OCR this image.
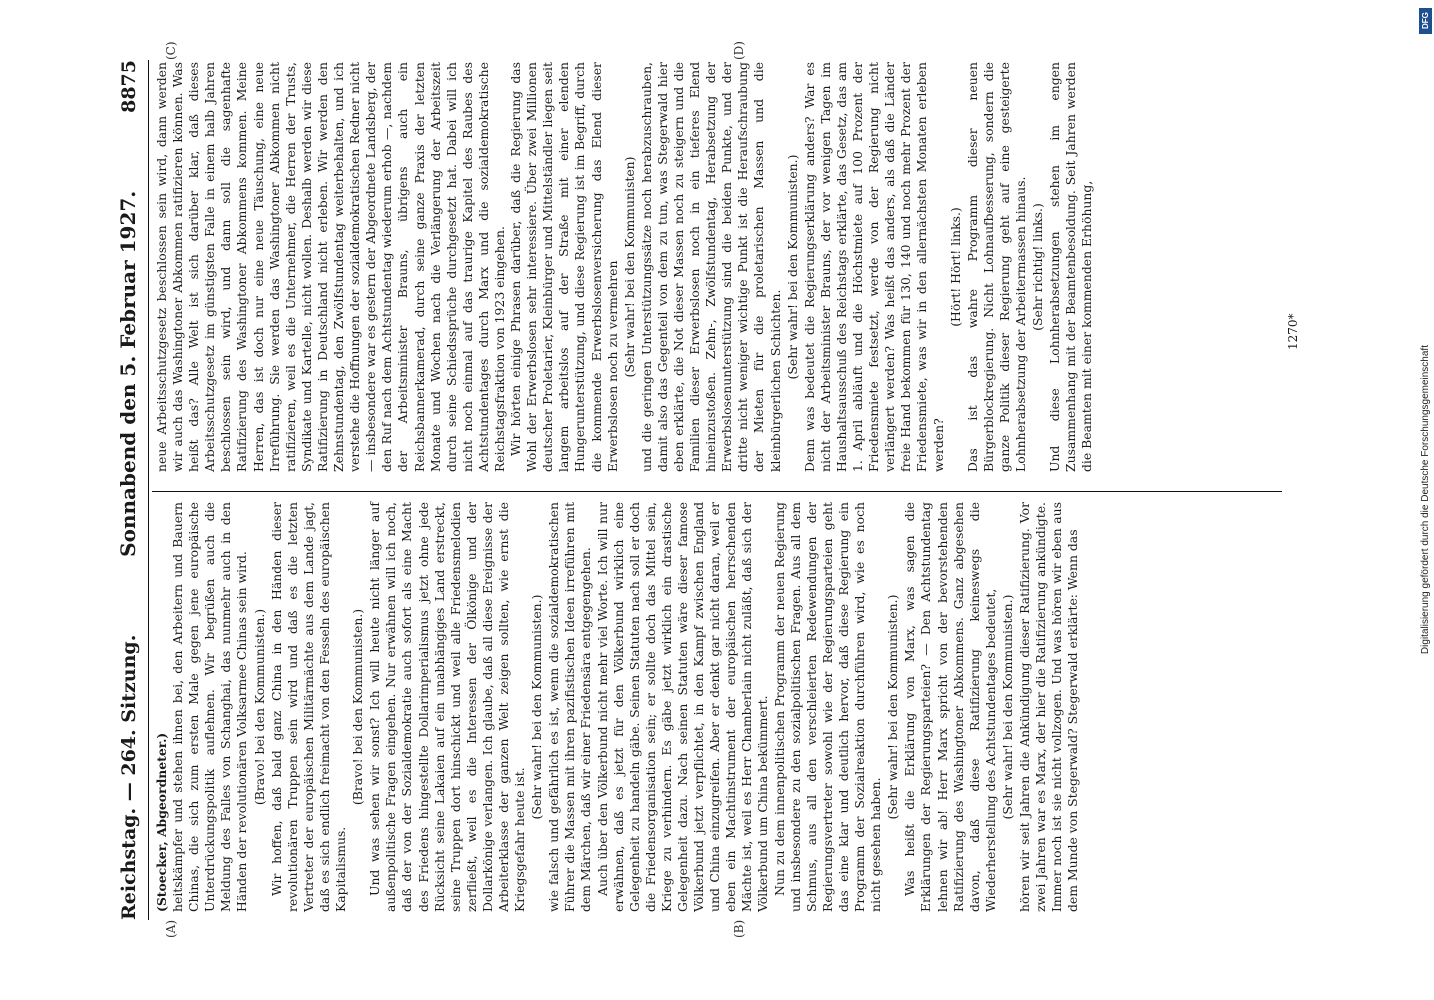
Reichstag. — 264. Sitzung.
Sonnabend den 5. Februar 1927.
8875
(A)	(B)
(C)	(D)

(Stoecker, Abgeordneter.) heitskämpfer und stehen ihnen bei, den Arbeitern und Bauern Chinas, die sich zum ersten Male gegen jene europäische Unterdrückungspolitik auflehnen. Wir begrüßen auch die Meldung des Falles von Schanghai, das nunmehr auch in den Händen der revolutionären Volksarmee Chinas sein wird. (Bravo! bei den Kommunisten.) Wir hoffen, daß bald ganz China in den Händen dieser revolutionären Truppen sein wird und daß es die letzten Vertreter der europäischen Militärmächte aus dem Lande jagt, daß es sich endlich freimacht von den Fesseln des europäischen Kapitalismus.

(Bravo! bei den Kommunisten.) Und was sehen wir sonst? Ich will heute nicht länger auf außenpolitische Fragen eingehen. Nur erwähnen will ich noch, daß der von der Sozialdemokratie auch sofort als eine Macht des Friedens hingestellte Dollarimperialismus jetzt ohne jede Rücksicht seine Lakaien auf ein unabhängiges Land erstreckt, seine Truppen dort hinschickt und weil alle Friedensmelodien zerfließt, weil es die Interessen der Ölkönige und der Dollarkönige verlangen. Ich glaube, daß all diese Ereignisse der Arbeiterklasse der ganzen Welt zeigen sollten, wie ernst die Kriegsgefahr heute ist.

(Sehr wahr! bei den Kommunisten.) wie falsch und gefährlich es ist, wenn die sozialdemokratischen Führer die Massen mit ihren pazifistischen Ideen irreführen mit dem Märchen, daß wir einer Friedensära entgegengehen. Auch über den Völkerbund nicht mehr viel Worte. Ich will nur erwähnen, daß es jetzt für den Völkerbund wirklich eine Gelegenheit zu handeln gäbe. Seinen Statuten nach soll er doch die Friedensorganisation sein; er sollte doch das Mittel sein, Kriege zu verhindern. Es gäbe jetzt wirklich ein drastische Gelegenheit dazu. Nach seinen Statuten wäre dieser famose Völkerbund jetzt verpflichtet, in den Kampf zwischen England und China einzugreifen. Aber er denkt gar nicht daran, weil er eben ein Machtinstrument der europäischen herrschenden Mächte ist, weil es Herr Chamberlain nicht zuläßt, daß sich der Völkerbund um China bekümmert. Nun zu dem innenpolitischen Programm der neuen Regierung und insbesondere zu den sozialpolitischen Fragen. Aus all dem Schmus, aus all den verschleierten Redewendungen der Regierungsvertreter sowohl wie der Regierungsparteien geht das eine klar und deutlich hervor, daß diese Regierung ein Programm der Sozialreaktion durchführen wird, wie es noch nicht gesehen haben.

(Sehr wahr! bei den Kommunisten.) Was heißt die Erklärung von Marx, was sagen die Erklärungen der Regierungsparteien? — Den Achtstundentag lehnen wir ab! Herr Marx spricht von der bevorstehenden Ratifizierung des Washingtoner Abkommens. Ganz abgesehen davon, daß diese Ratifizierung keineswegs die Wiederherstellung des Achtstundentages bedeutet, (Sehr wahr! bei den Kommunisten.) hören wir seit Jahren die Ankündigung dieser Ratifizierung. Vor zwei Jahren war es Marx, der hier die Ratifizierung ankündigte. Immer noch ist sie nicht vollzogen. Und was hören wir eben aus dem Munde von Stegerwald? Stegerwald erklärte: Wenn das

neue Arbeitsschutzgesetz beschlossen sein wird, dann werden wir auch das Washingtoner Abkommen ratifizieren können. Was heißt das? Alle Welt ist sich darüber klar, daß dieses Arbeitsschutzgesetz im günstigsten Falle in einem halb Jahren beschlossen sein wird, und dann soll die sagenhafte Ratifizierung des Washingtoner Abkommens kommen. Meine Herren, das ist doch nur eine neue Täuschung, eine neue Irreführung. Sie werden das Washingtoner Abkommen nicht ratifizieren, weil es die Unternehmer, die Herren der Trusts, Syndikate und Kartelle, nicht wollen. Deshalb werden wir diese Ratifizierung in Deutschland nicht erleben. Wir werden den Zehnstundentag, den Zwölfstundentag weiterbehalten, und ich verstehe die Hoffnungen der sozialdemokratischen Redner nicht — insbesondere war es gestern der Abgeordnete Landsberg, der den Ruf nach dem Achtstundentag wiederum erhob —, nachdem der Arbeitsminister Brauns, übrigens auch ein Reichsbannerkamerad, durch seine ganze Praxis der letzten Monate und Wochen nach die Verlängerung der Arbeitszeit durch seine Schiedssprüche durchgesetzt hat. Dabei will ich nicht noch einmal auf das traurige Kapitel des Raubes des Achtstundentages durch Marx und die sozialdemokratische Reichstagsfraktion von 1923 eingehen. Wir hörten einige Phrasen darüber, daß die Regierung das Wohl der Erwerbslosen sehr interessiere. Über zwei Millionen deutscher Proletarier, Kleinbürger und Mittelständler liegen seit langem arbeitslos auf der Straße mit einer elenden Hungerunterstützung, und diese Regierung ist im Begriff, durch die kommende Erwerbslosenversicherung das Elend dieser Erwerbslosen noch zu vermehren (Sehr wahr! bei den Kommunisten) und die geringen Unterstützungssätze noch herabzuschrauben, damit also das Gegenteil von dem zu tun, was Stegerwald hier eben erklärte, die Not dieser Massen noch zu steigern und die Familien dieser Erwerbslosen noch in ein tieferes Elend hineinzustoßen. Zehn-, Zwölfstundentag, Herabsetzung der Erwerbslosenunterstützung sind die beiden Punkte, und der dritte nicht weniger wichtige Punkt ist die Heraufschraubung der Mieten für die proletarischen Massen und die kleinbürgerlichen Schichten.

(Sehr wahr! bei den Kommunisten.) Denn was bedeutet die Regierungserklärung anders? War es nicht der Arbeitsminister Brauns, der vor wenigen Tagen im Haushaltsausschuß des Reichstags erklärte, das Gesetz, das am 1. April abläuft und die Höchstmiete auf 100 Prozent der Friedensmiete festsetzt, werde von der Regierung nicht verlängert werden? Was heißt das anders, als daß die Länder freie Hand bekommen für 130, 140 und noch mehr Prozent der Friedensmiete, was wir in den allernächsten Monaten erleben werden?

(Hört! Hört! links.) Das ist das wahre Programm dieser neuen Bürgerblockregierung. Nicht Lohnaufbesserung, sondern die ganze Politik dieser Regierung geht auf eine gesteigerte Lohnherabsetzung der Arbeitermassen hinaus. (Sehr richtig! links.) Und diese Lohnherabsetzungen stehen im engen Zusammenhang mit der Beamtenbesoldung. Seit Jahren werden die Beamten mit einer kommenden Erhöhung,	1270*
DFG
Digitalisierung gefördert durch die Deutsche Forschungsgemeinschaft
